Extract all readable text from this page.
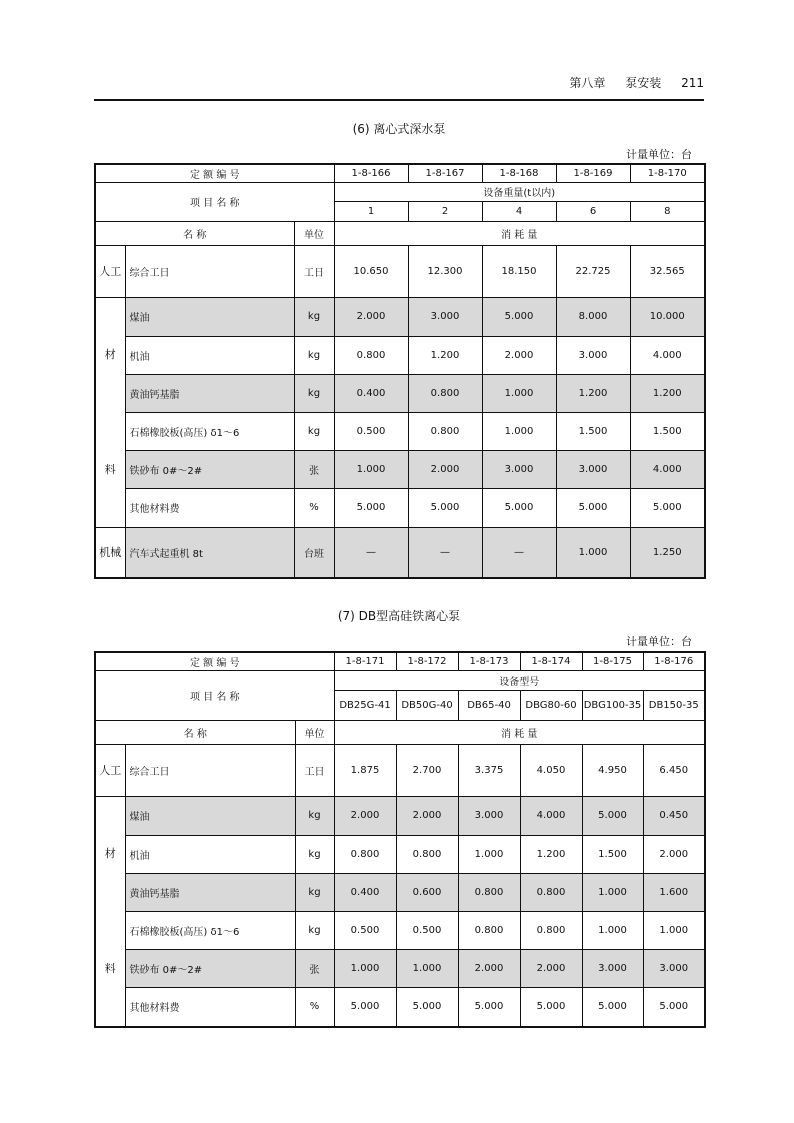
第八章 泵安装 211
(6) 离心式深水泵
计量单位：台
定 额 编 号			1-8-166	1-8-167	1-8-168	1-8-169	1-8-170
项 目 名 称			设备重量(t以内)				
			1	2	4	6	8
名 称		单位	消 耗 量				
人工	综合工日	工日	10.650	12.300	18.150	22.725	32.565
材	煤油	kg	2.000	3.000	5.000	8.000	10.000
	机油	kg	0.800	1.200	2.000	3.000	4.000
	黄油钙基脂	kg	0.400	0.800	1.000	1.200	1.200
料	石棉橡胶板(高压) δ1～6	kg	0.500	0.800	1.000	1.500	1.500
	铁砂布 0#～2#	张	1.000	2.000	3.000	3.000	4.000
	其他材料费	%	5.000	5.000	5.000	5.000	5.000
机械	汽车式起重机 8t	台班	—	—	—	1.000	1.250
(7) DB型高硅铁离心泵
计量单位：台
定 额 编 号			1-8-171	1-8-172	1-8-173	1-8-174	1-8-175	1-8-176
项 目 名 称			设备型号					
			DB25G-41	DB50G-40	DB65-40	DBG80-60	DBG100-35	DB150-35
名 称		单位	消 耗 量					
人工	综合工日	工日	1.875	2.700	3.375	4.050	4.950	6.450
材	煤油	kg	2.000	2.000	3.000	4.000	5.000	0.450
	机油	kg	0.800	0.800	1.000	1.200	1.500	2.000
	黄油钙基脂	kg	0.400	0.600	0.800	0.800	1.000	1.600
料	石棉橡胶板(高压) δ1～6	kg	0.500	0.500	0.800	0.800	1.000	1.000
	铁砂布 0#～2#	张	1.000	1.000	2.000	2.000	3.000	3.000
	其他材料费	%	5.000	5.000	5.000	5.000	5.000	5.000
